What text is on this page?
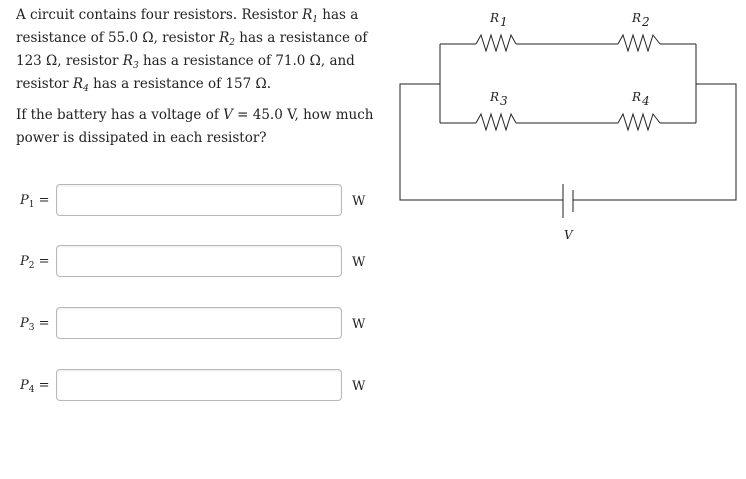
A circuit contains four resistors. Resistor $R_1$ has a resistance of 55.0 Ω, resistor $R_2$ has a resistance of 123 Ω, resistor $R_3$ has a resistance of 71.0 Ω, and resistor $R_4$ has a resistance of 157 Ω.

If the battery has a voltage of V = 45.0 V, how much power is dissipated in each resistor?

$P_1$ =	W
$P_2$ =	W
$P_3$ =	W
$P_4$ =	W
R1	R2
R3	R4
V
